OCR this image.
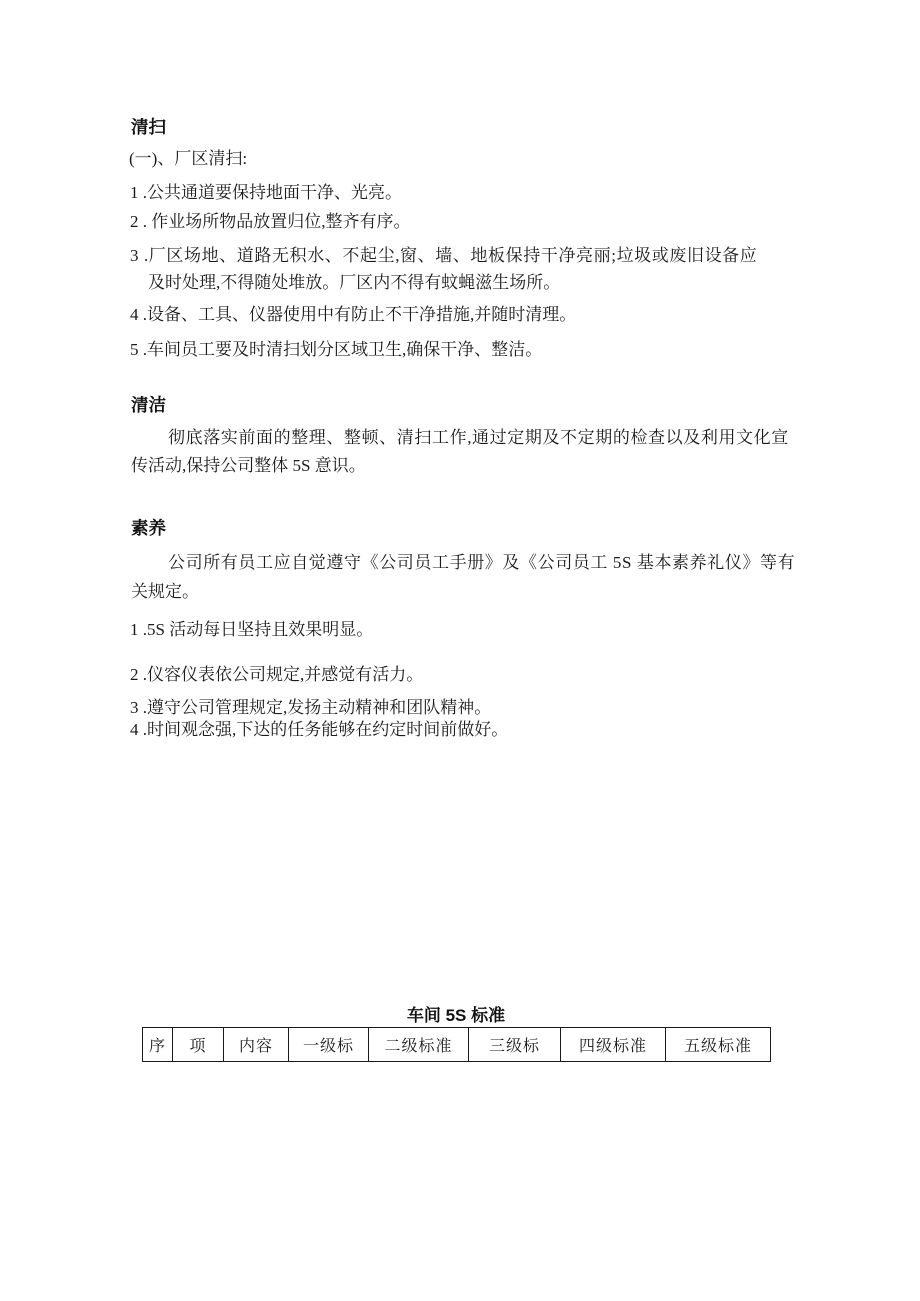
清扫
(一)、厂区清扫:
1 .公共通道要保持地面干净、光亮。
2 . 作业场所物品放置归位,整齐有序。
3 .厂区场地、道路无积水、不起尘,窗、墙、地板保持干净亮丽;垃圾或废旧设备应
及时处理,不得随处堆放。厂区内不得有蚊蝇滋生场所。
4 .设备、工具、仪器使用中有防止不干净措施,并随时清理。
5 .车间员工要及时清扫划分区域卫生,确保干净、整洁。
清洁
彻底落实前面的整理、整顿、清扫工作,通过定期及不定期的检查以及利用文化宣
传活动,保持公司整体 5S 意识。
素养
公司所有员工应自觉遵守《公司员工手册》及《公司员工 5S 基本素养礼仪》等有
关规定。
1 .5S 活动每日坚持且效果明显。
2 .仪容仪表依公司规定,并感觉有活力。
3 .遵守公司管理规定,发扬主动精神和团队精神。
4 .时间观念强,下达的任务能够在约定时间前做好。
车间 5S 标准
序	项	内容	一级标	二级标准	三级标	四级标准	五级标准
